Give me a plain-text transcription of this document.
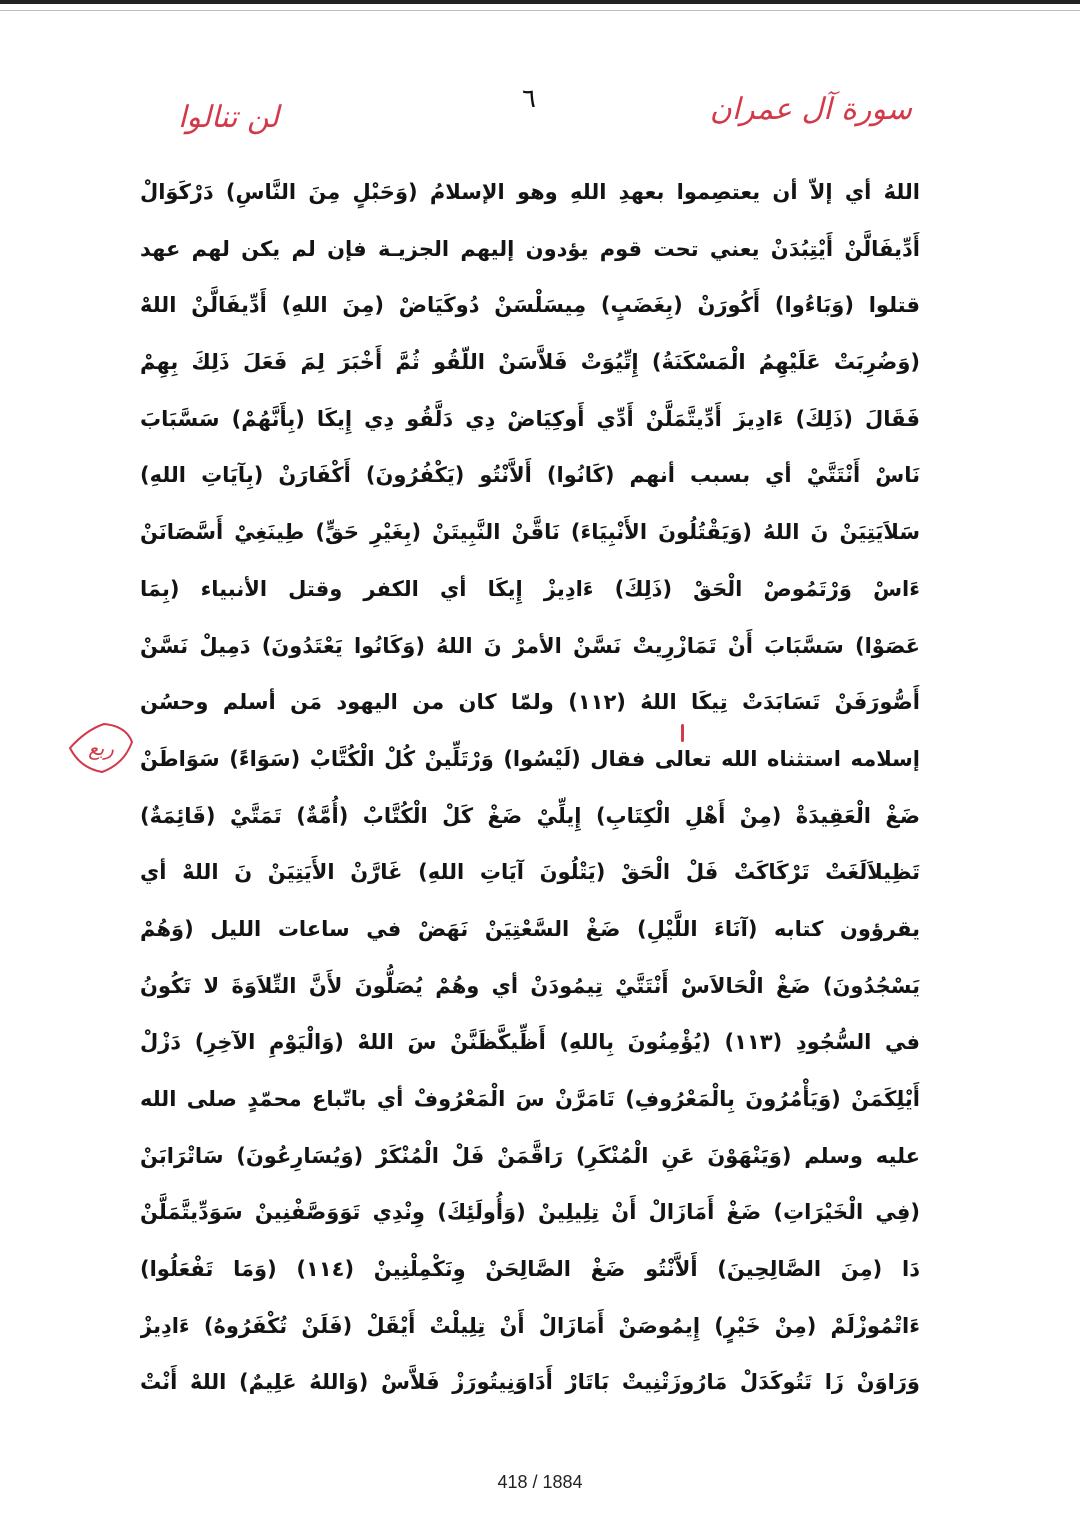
سورة آل عمران
٦
لن تنالوا
اللهُ أي إلاّ أن يعتصِموا بعهدِ اللهِ وهو الإسلامُ (وَحَبْلٍ مِنَ النَّاسِ) دَرْكَوَالْ
أَدِّيفَالَّنْ أَيْتِبُدَنْ يعني تحت قوم يؤدون إليهم الجزيـة فإن لم يكن لهم عهد
قتلوا (وَبَاءُوا) أَكُورَنْ (بِغَضَبٍ) مِيسَلْسَنْ دُوكَيَاضْ (مِنَ اللهِ) أَدِّيفَالَّنْ اللهْ
(وَضُرِبَتْ عَلَيْهِمُ الْمَسْكَنَةُ) إِتِّيُوَتْ فَلاَّسَنْ اللّقُو ثُمَّ أَخْبَرَ لِمَ فَعَلَ ذَلِكَ بِهِمْ
فَقَالَ (ذَلِكَ) ءَادِيزَ أَدِّيتَّمَلَّنْ أَدِّي أَوكِيَاضْ دِي دَلَّقُو دِي إِيكَا (بِأَنَّهُمْ) سَسَّبَابَ
نَاسْ أَنْتَتَّيْ أي بسبب أنهم (كَانُوا) أَلاَّنْتُو (يَكْفُرُونَ) أَكْفَارَنْ (بِآيَاتِ اللهِ)
سَلاَيَتِيَنْ نَ اللهُ (وَيَقْتُلُونَ الأَنْبِيَاءَ) نَاقَّنْ النَّبِيتَنْ (بِغَيْرِ حَقٍّ) طِينَغِيْ أَسَّصَانَنْ
ءَاسْ وَرْتَمُوصْ الْحَقْ (ذَلِكَ) ءَادِيزْ إِيكَا أي الكفر وقتل الأنبياء (بِمَا
عَصَوْا) سَسَّبَابَ أَنْ تَمَازْرِيتْ نَسَّنْ الأمرْ نَ اللهُ (وَكَانُوا يَعْتَدُونَ) دَمِيلْ نَسَّنْ
أَصُّورَفَنْ تَسَابَدَتْ تِيكَا اللهُ (١١٢) ولمّا كان من اليهود مَن أسلم وحسُن
إسلامه استثناه الله تعالى فقال (لَيْسُوا) وَرْتَلِّينْ كُلْ الْكُتَّابْ (سَوَاءً) سَوَاطَنْ
ضَغْ الْعَقِيدَةْ (مِنْ أَهْلِ الْكِتَابِ) إِيلِّيْ ضَغْ كَلْ الْكُتَّابْ (أُمَّةٌ) تَمَتَّيْ (قَائِمَةٌ)
تَظِيلاَلَغَتْ تَرْكَاكَتْ فَلْ الْحَقْ (يَتْلُونَ آيَاتِ اللهِ) غَارَّنْ الأَيَتِيَنْ نَ اللهْ أي
يقرؤون كتابه (آنَاءَ اللَّيْلِ) ضَغْ السَّعْتِيَنْ نَهَضْ في ساعات الليل (وَهُمْ
يَسْجُدُونَ) ضَغْ الْحَالاَسْ أَنْتَتَّيْ تِيمُودَنْ أي وهُمْ يُصَلُّونَ لأَنَّ التِّلاَوَةَ لا تَكُونُ
في السُّجُودِ (١١٣) (يُؤْمِنُونَ بِاللهِ) أَظِّيكَّظَنَّنْ سَ اللهْ (وَالْيَوْمِ الآخِرِ) دَزْلْ
أَيْلِكَمَنْ (وَيَأْمُرُونَ بِالْمَعْرُوفِ) تَامَرَّنْ سَ الْمَعْرُوفْ أي باتّباع محمّدٍ صلى الله
عليه وسلم (وَيَنْهَوْنَ عَنِ الْمُنْكَرِ) رَاقَّمَنْ فَلْ الْمُنْكَرْ (وَيُسَارِعُونَ) سَاتْرَابَنْ
(فِي الْخَيْرَاتِ) ضَغْ أَمَازَالْ أَنْ تِلِيلِينْ (وَأُولَئِكَ) وِنْدِي تَوَوَصَّفْنِينْ سَوَدِّيتَّمَلَّنْ
دَا (مِنَ الصَّالِحِينَ) أَلاَّنْتُو ضَغْ الصَّالِحَنْ وِنَكْمِلْنِينْ (١١٤) (وَمَا تَفْعَلُوا)
ءَاتْمُوزْلَمْ (مِنْ خَيْرٍ) إِيمُوصَنْ أَمَازَالْ أَنْ تِلِيلْتْ أَيْقَلْ (فَلَنْ تُكْفَرُوهُ) ءَادِيزْ
وَرَاوَنْ زَا تَتُوكَدَلْ مَارُوزَتْنِيتْ بَاتَارْ أَدَاوَنِيتُورَزْ فَلاَّسْ (وَاللهُ عَلِيمٌ) اللهْ أَنْتْ
ربع
418 / 1884
